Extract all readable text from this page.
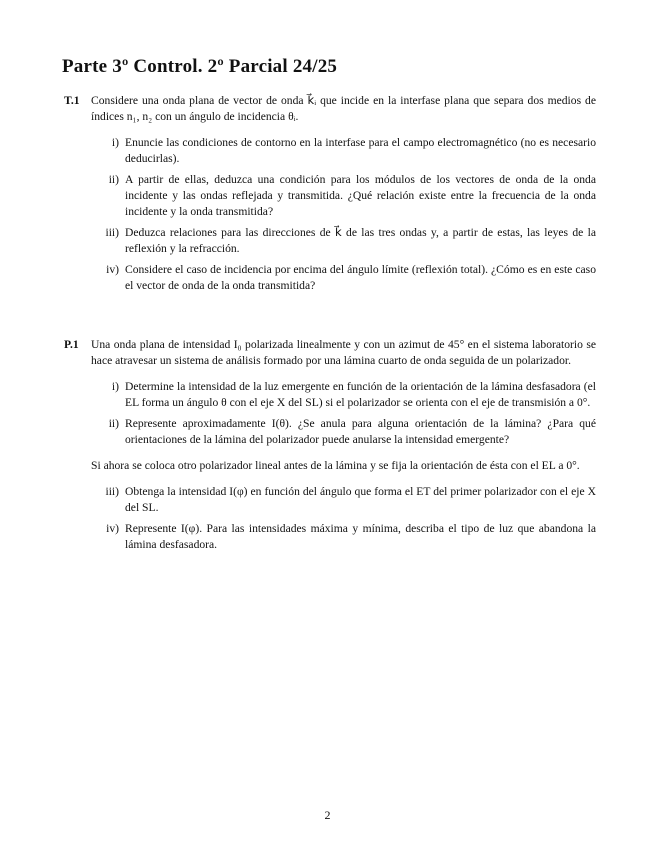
Parte 3º Control. 2º Parcial 24/25
T.1 Considere una onda plana de vector de onda k⃗ᵢ que incide en la interfase plana que separa dos medios de índices n₁, n₂ con un ángulo de incidencia θᵢ.
i) Enuncie las condiciones de contorno en la interfase para el campo electromagnético (no es necesario deducirlas).
ii) A partir de ellas, deduzca una condición para los módulos de los vectores de onda de la onda incidente y las ondas reflejada y transmitida. ¿Qué relación existe entre la frecuencia de la onda incidente y la onda transmitida?
iii) Deduzca relaciones para las direcciones de k⃗ de las tres ondas y, a partir de estas, las leyes de la reflexión y la refracción.
iv) Considere el caso de incidencia por encima del ángulo límite (reflexión total). ¿Cómo es en este caso el vector de onda de la onda transmitida?
P.1	Una onda plana de intensidad I₀ polarizada linealmente y con un azimut de 45° en el sistema laboratorio se hace atravesar un sistema de análisis formado por una lámina cuarto de onda seguida de un polarizador.
i) Determine la intensidad de la luz emergente en función de la orientación de la lámina desfasadora (el EL forma un ángulo θ con el eje X del SL) si el polarizador se orienta con el eje de transmisión a 0°.
ii) Represente aproximadamente I(θ). ¿Se anula para alguna orientación de la lámina? ¿Para qué orientaciones de la lámina del polarizador puede anularse la intensidad emergente?
Si ahora se coloca otro polarizador lineal antes de la lámina y se fija la orientación de ésta con el EL a 0°.
iii) Obtenga la intensidad I(φ) en función del ángulo que forma el ET del primer polarizador con el eje X del SL.
iv) Represente I(φ). Para las intensidades máxima y mínima, describa el tipo de luz que abandona la lámina desfasadora.
2
